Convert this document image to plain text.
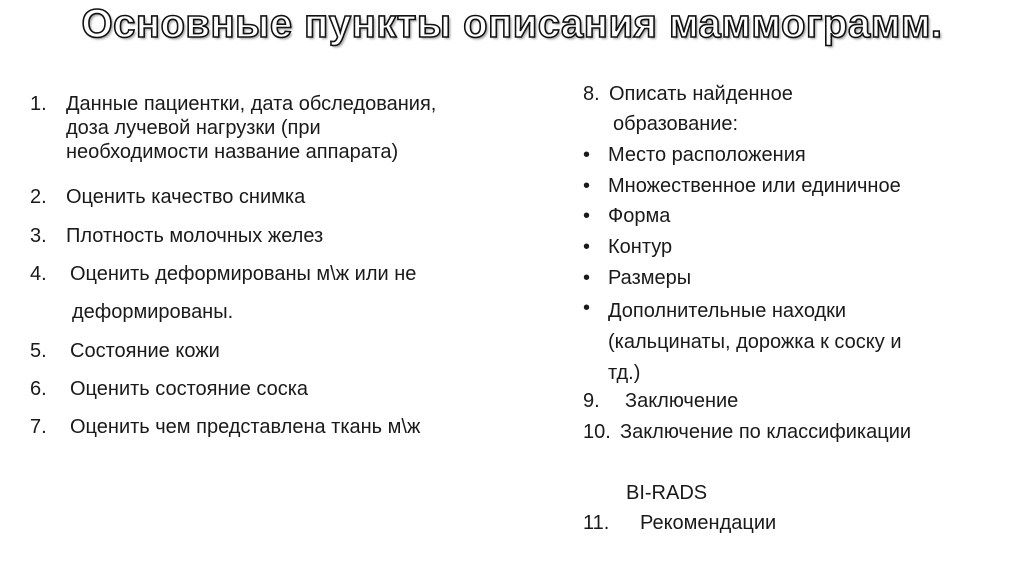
Основные пункты описания маммограмм.
1. Данные пациентки, дата обследования,
доза лучевой нагрузки (при
необходимости название аппарата)
2. Оценить качество снимка
3. Плотность молочных желез
4. Оценить деформированы м\ж или не
деформированы.
5. Состояние кожи
6. Оценить состояние соска
7. Оценить чем представлена ткань м\ж
8. Описать найденное
образование:
• Место расположения
• Множественное или единичное
• Форма
• Контур
• Размеры
• Дополнительные находки
(кальцинаты, дорожка к соску и
тд.)
9. Заключение
10. Заключение по классификации
BI-RADS
11. Рекомендации
